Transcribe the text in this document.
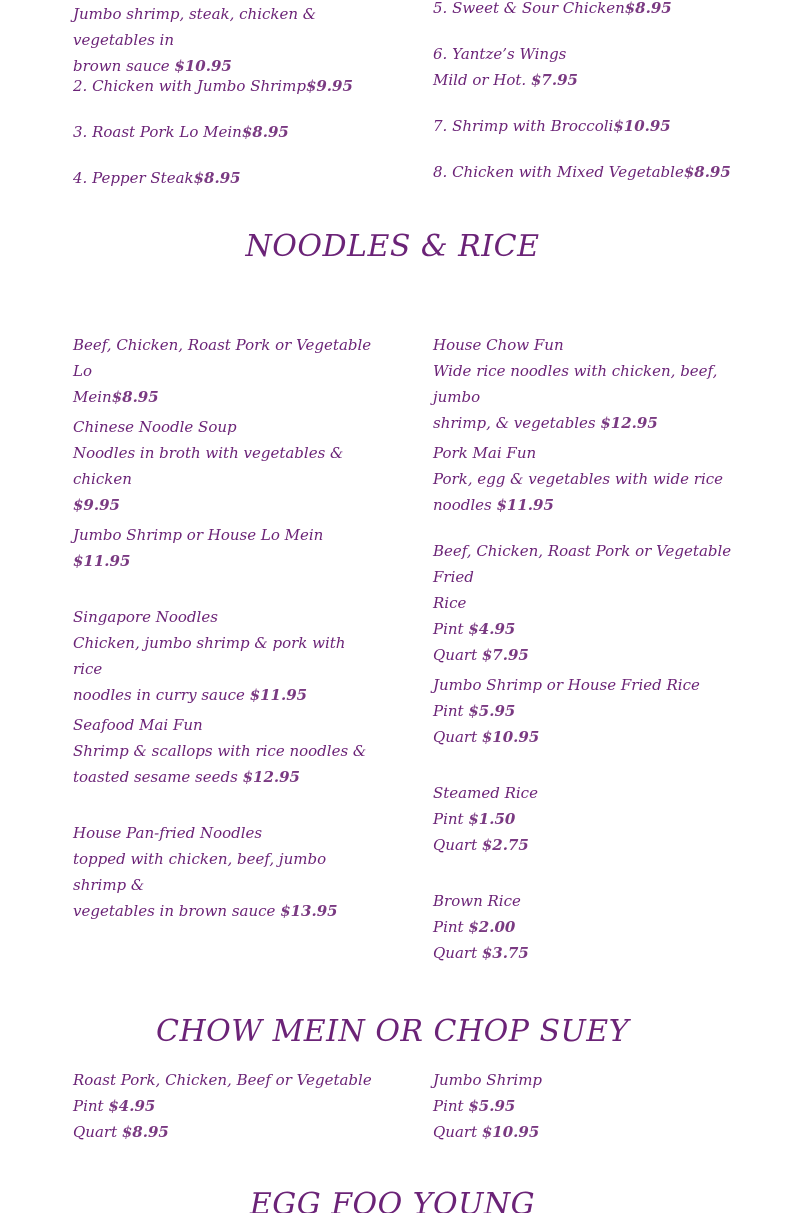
Jumbo shrimp, steak, chicken & vegetables in
brown sauce $10.95
2. Chicken with Jumbo Shrimp$9.95
3. Roast Pork Lo Mein$8.95
4. Pepper Steak$8.95
5. Sweet & Sour Chicken$8.95
6. Yantze’s Wings
Mild or Hot. $7.95
7. Shrimp with Broccoli$10.95
8. Chicken with Mixed Vegetable$8.95
NOODLES & RICE
Beef, Chicken, Roast Pork or Vegetable Lo
Mein$8.95
Chinese Noodle Soup
Noodles in broth with vegetables & chicken
$9.95
Jumbo Shrimp or House Lo Mein
$11.95
Singapore Noodles
Chicken, jumbo shrimp & pork with rice
noodles in curry sauce $11.95
Seafood Mai Fun
Shrimp & scallops with rice noodles &
toasted sesame seeds $12.95
House Pan-fried Noodles
topped with chicken, beef, jumbo shrimp &
vegetables in brown sauce $13.95
House Chow Fun
Wide rice noodles with chicken, beef, jumbo
shrimp, & vegetables $12.95
Pork Mai Fun
Pork, egg & vegetables with wide rice
noodles $11.95
Beef, Chicken, Roast Pork or Vegetable Fried
Rice
Pint $4.95
Quart $7.95
Jumbo Shrimp or House Fried Rice
Pint $5.95
Quart $10.95
Steamed Rice
Pint $1.50
Quart $2.75
Brown Rice
Pint $2.00
Quart $3.75
CHOW MEIN OR CHOP SUEY
Roast Pork, Chicken, Beef or Vegetable
Pint $4.95
Quart $8.95
Jumbo Shrimp
Pint $5.95
Quart $10.95
EGG FOO YOUNG
